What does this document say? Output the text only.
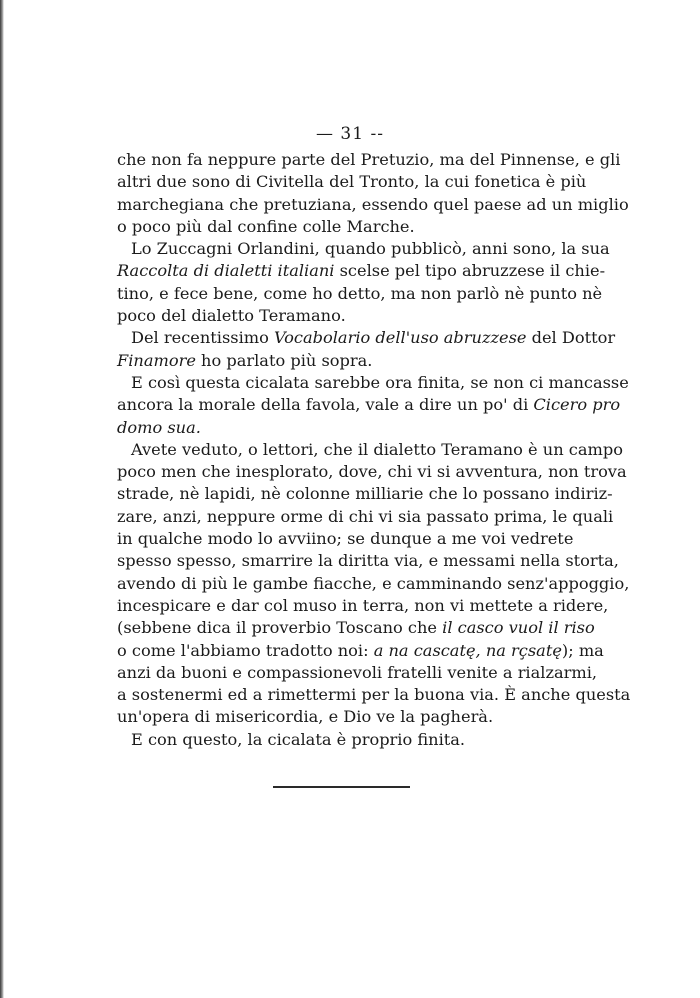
— 31 --
che non fa neppure parte del Pretuzio, ma del Pinnense, e gli
altri due sono di Civitella del Tronto, la cui fonetica è più
marchegiana che pretuziana, essendo quel paese ad un miglio
o poco più dal confine colle Marche.
Lo Zuccagni Orlandini, quando pubblicò, anni sono, la sua
Raccolta di dialetti italiani scelse pel tipo abruzzese il chie-
tino, e fece bene, come ho detto, ma non parlò nè punto nè
poco del dialetto Teramano.
Del recentissimo Vocabolario dell'uso abruzzese del Dottor
Finamore ho parlato più sopra.
E così questa cicalata sarebbe ora finita, se non ci mancasse
ancora la morale della favola, vale a dire un po' di Cicero pro
domo sua.
Avete veduto, o lettori, che il dialetto Teramano è un campo
poco men che inesplorato, dove, chi vi si avventura, non trova
strade, nè lapidi, nè colonne milliarie che lo possano indiriz-
zare, anzi, neppure orme di chi vi sia passato prima, le quali
in qualche modo lo avviino; se dunque a me voi vedrete
spesso spesso, smarrire la diritta via, e messami nella storta,
avendo di più le gambe fiacche, e camminando senz'appoggio,
incespicare e dar col muso in terra, non vi mettete a ridere,
(sebbene dica il proverbio Toscano che il casco vuol il riso
o come l'abbiamo tradotto noi: a na cascatę, na rçsatę); ma
anzi da buoni e compassionevoli fratelli venite a rialzarmi,
a sostenermi ed a rimettermi per la buona via. È anche questa
un'opera di misericordia, e Dio ve la pagherà.
E con questo, la cicalata è proprio finita.
